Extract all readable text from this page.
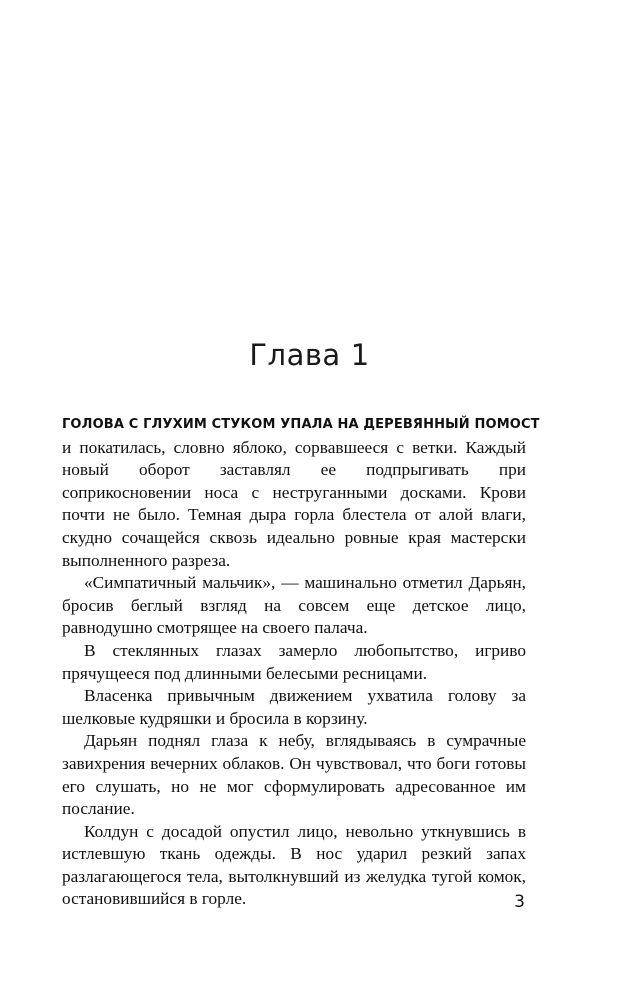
Глава 1

ГОЛОВА С ГЛУХИМ СТУКОМ УПАЛА НА ДЕРЕВЯННЫЙ ПОМОСТ и покатилась, словно яблоко, сорвавшееся с ветки. Каждый новый оборот заставлял ее подпрыгивать при соприкосновении носа с неструганными досками. Крови почти не было. Темная дыра горла блестела от алой влаги, скудно сочащейся сквозь идеально ровные края мастерски выполненного разреза.

«Симпатичный мальчик», — машинально отметил Дарьян, бросив беглый взгляд на совсем еще детское лицо, равнодушно смотрящее на своего палача.

В стеклянных глазах замерло любопытство, игриво прячущееся под длинными белесыми ресницами.

Власенка привычным движением ухватила голову за шелковые кудряшки и бросила в корзину.

Дарьян поднял глаза к небу, вглядываясь в сумрачные завихрения вечерних облаков. Он чувствовал, что боги готовы его слушать, но не мог сформулировать адресованное им послание.

Колдун с досадой опустил лицо, невольно уткнувшись в истлевшую ткань одежды. В нос ударил резкий запах разлагающегося тела, вытолкнувший из желудка тугой комок, остановившийся в горле.	3
